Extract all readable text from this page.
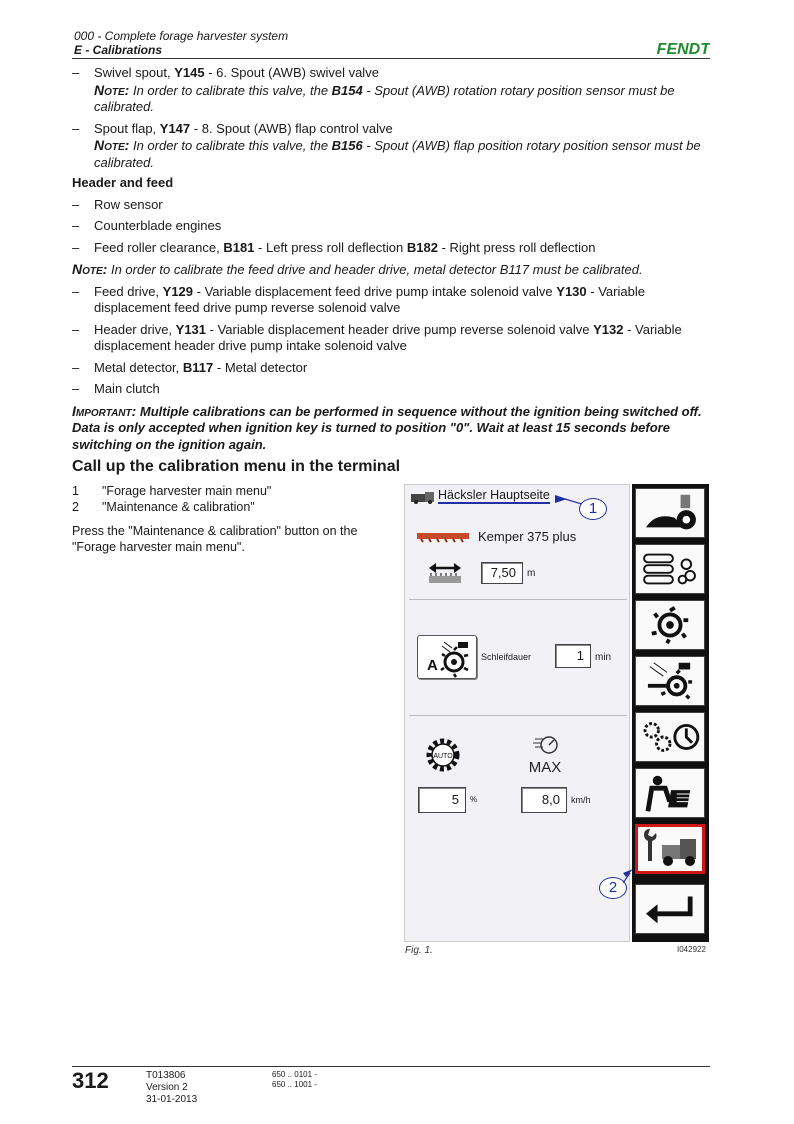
000 - Complete forage harvester system
E - Calibrations	FENDT
– Swivel spout, Y145 - 6. Spout (AWB) swivel valve
Note: In order to calibrate this valve, the B154 - Spout (AWB) rotation rotary position sensor must be calibrated.
– Spout flap, Y147 - 8. Spout (AWB) flap control valve
Note: In order to calibrate this valve, the B156 - Spout (AWB) flap position rotary position sensor must be calibrated.
Header and feed
– Row sensor
– Counterblade engines
– Feed roller clearance, B181 - Left press roll deflection B182 - Right press roll deflection
Note: In order to calibrate the feed drive and header drive, metal detector B117 must be calibrated.
– Feed drive, Y129 - Variable displacement feed drive pump intake solenoid valve Y130 - Variable displacement feed drive pump reverse solenoid valve
– Header drive, Y131 - Variable displacement header drive pump reverse solenoid valve Y132 - Variable displacement header drive pump intake solenoid valve
– Metal detector, B117 - Metal detector
– Main clutch
Important: Multiple calibrations can be performed in sequence without the ignition being switched off. Data is only accepted when ignition key is turned to position "0". Wait at least 15 seconds before switching on the ignition again.
Call up the calibration menu in the terminal
1 "Forage harvester main menu"
2 "Maintenance & calibration"
Press the "Maintenance & calibration" button on the "Forage harvester main menu".
Häcksler Hauptseite
1
Kemper 375 plus
7,50	m
A	Schleifdauer	1	min
AUTO
MAX
5	%	8,0	km/h
2
Fig. 1.	I042922
312	T013806
Version 2
31-01-2013
650 .. 0101 -
650 .. 1001 -
